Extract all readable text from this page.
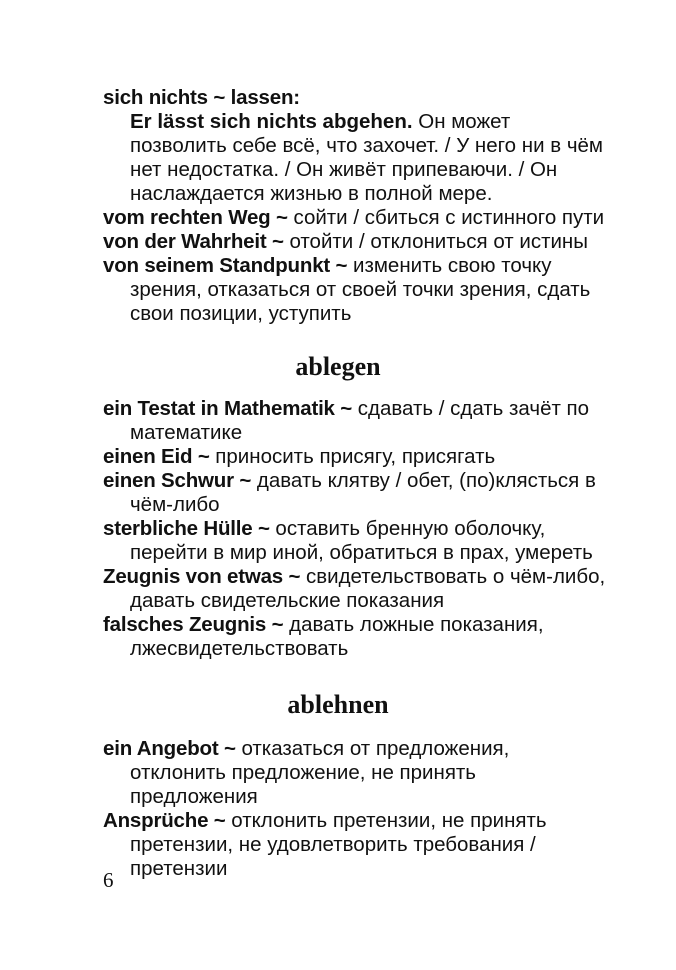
sich nichts ~ lassen:

Er lässt sich nichts abgehen. Он может позволить себе всё, что захочет. / У него ни в чём нет недостатка. / Он живёт припеваючи. / Он наслаждается жизнью в полной мере.

vom rechten Weg ~ сойти / сбиться с истинного пути

von der Wahrheit ~ отойти / отклониться от истины

von seinem Standpunkt ~ изменить свою точку зрения, отказаться от своей точки зрения, сдать свои позиции, уступить

ablegen

ein Testat in Mathematik ~ сдавать / сдать зачёт по математике

einen Eid ~ приносить присягу, присягать

einen Schwur ~ давать клятву / обет, (по)клясться в чём-либо

sterbliche Hülle ~ оставить бренную оболочку, перейти в мир иной, обратиться в прах, умереть

Zeugnis von etwas ~ свидетельствовать о чём-либо, давать свидетельские показания

falsches Zeugnis ~ давать ложные показания, лжесвидетельствовать

ablehnen

ein Angebot ~ отказаться от предложения, отклонить предложение, не принять предложения

Ansprüche ~ отклонить претензии, не принять претензии, не удовлетворить требования / претензии

6
